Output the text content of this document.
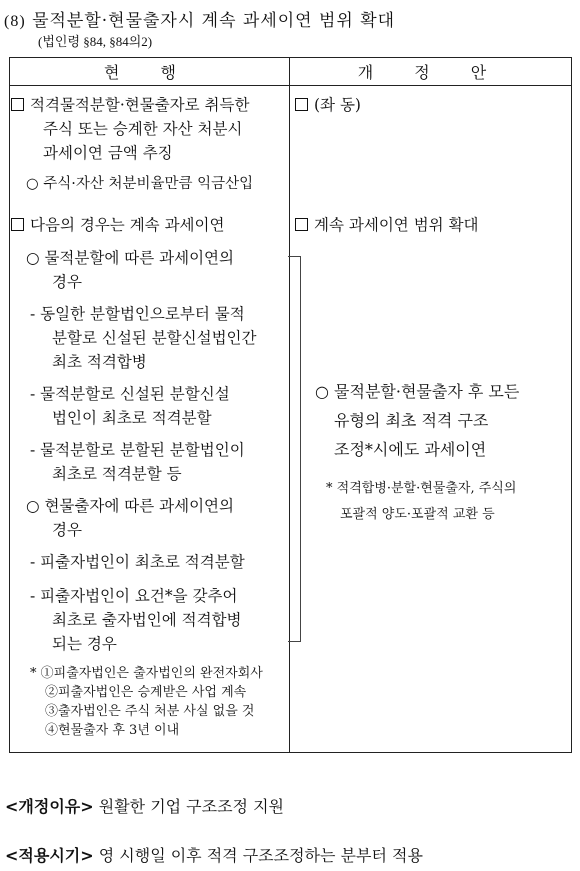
(8) 물적분할·현물출자시 계속 과세이연 범위 확대
(법인령 §84, §84의2)
현 행	개 정 안
적격물적분할·현물출자로 취득한
주식 또는 승계한 자산 처분시
과세이연 금액 추징
○ 주식·자산 처분비율만큼 익금산입
다음의 경우는 계속 과세이연
○ 물적분할에 따른 과세이연의
경우
- 동일한 분할법인으로부터 물적
분할로 신설된 분할신설법인간
최초 적격합병
- 물적분할로 신설된 분할신설
법인이 최초로 적격분할
- 물적분할로 분할된 분할법인이
최초로 적격분할 등
○ 현물출자에 따른 과세이연의
경우
- 피출자법인이 최초로 적격분할
- 피출자법인이 요건*을 갖추어
최초로 출자법인에 적격합병
되는 경우
* ①피출자법인은 출자법인의 완전자회사
②피출자법인은 승계받은 사업 계속
③출자법인은 주식 처분 사실 없을 것
④현물출자 후 3년 이내
(좌 동)
계속 과세이연 범위 확대
○ 물적분할·현물출자 후 모든
유형의 최초 적격 구조
조정*시에도 과세이연
* 적격합병·분할·현물출자, 주식의
포괄적 양도·포괄적 교환 등
<개정이유> 원활한 기업 구조조정 지원
<적용시기> 영 시행일 이후 적격 구조조정하는 분부터 적용
